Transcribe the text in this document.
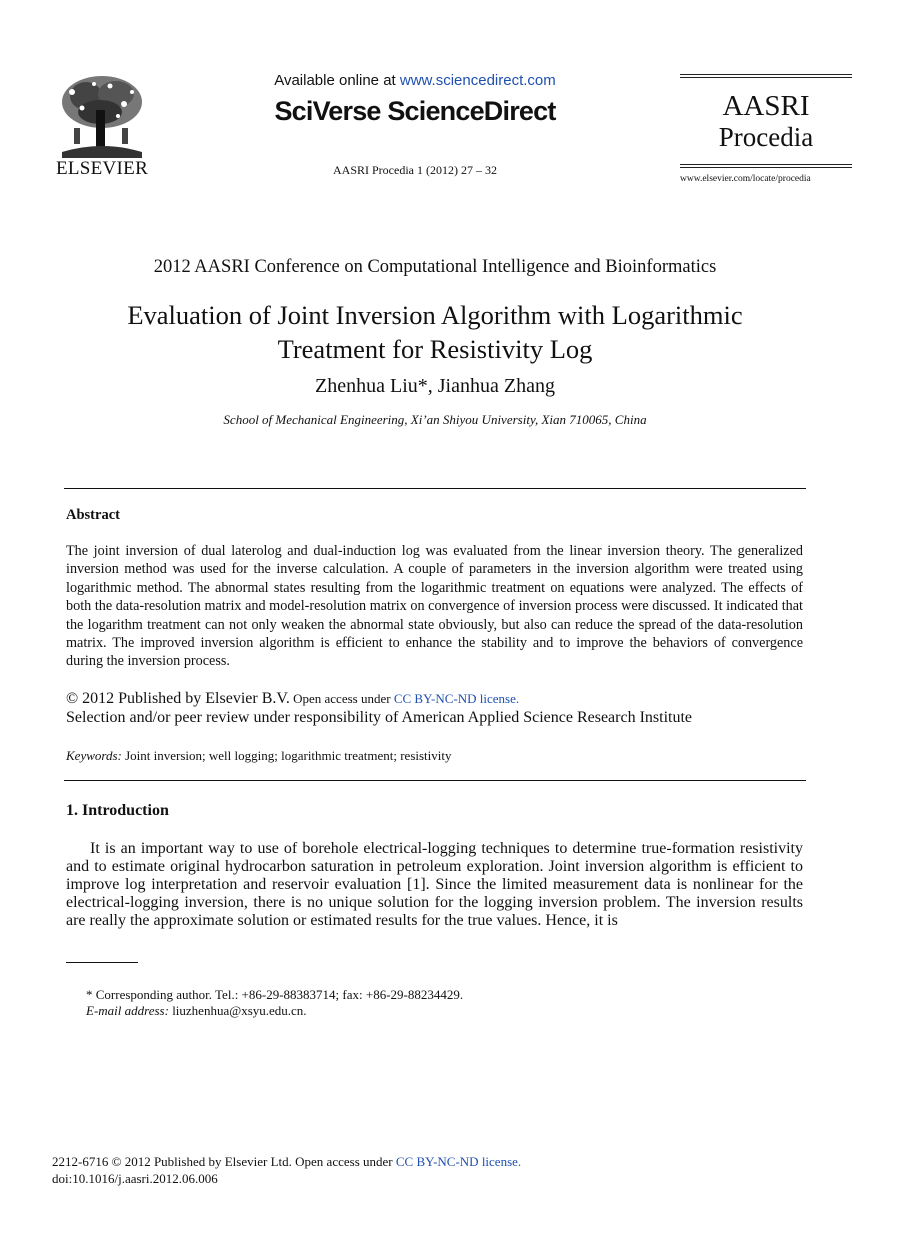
ELSEVIER
Available online at www.sciencedirect.com
SciVerse ScienceDirect
AASRI Procedia 1 (2012) 27 – 32
AASRI
Procedia
www.elsevier.com/locate/procedia
2012 AASRI Conference on Computational Intelligence and Bioinformatics
Evaluation of Joint Inversion Algorithm with Logarithmic
Treatment for Resistivity Log
Zhenhua Liu*, Jianhua Zhang
School of Mechanical Engineering, Xi’an Shiyou University, Xian 710065, China
Abstract
The joint inversion of dual laterolog and dual-induction log was evaluated from the linear inversion theory. The generalized inversion method was used for the inverse calculation. A couple of parameters in the inversion algorithm were treated using logarithmic method. The abnormal states resulting from the logarithmic treatment on equations were analyzed. The effects of both the data-resolution matrix and model-resolution matrix on convergence of inversion process were discussed. It indicated that the logarithm treatment can not only weaken the abnormal state obviously, but also can reduce the spread of the data-resolution matrix. The improved inversion algorithm is efficient to enhance the stability and to improve the behaviors of convergence during the inversion process.
© 2012 Published by Elsevier B.V. Open access under CC BY-NC-ND license.
Selection and/or peer review under responsibility of American Applied Science Research Institute
Keywords: Joint inversion; well logging; logarithmic treatment; resistivity
1. Introduction
It is an important way to use of borehole electrical-logging techniques to determine true-formation resistivity and to estimate original hydrocarbon saturation in petroleum exploration. Joint inversion algorithm is efficient to improve log interpretation and reservoir evaluation [1]. Since the limited measurement data is nonlinear for the electrical-logging inversion, there is no unique solution for the logging inversion problem. The inversion results are really the approximate solution or estimated results for the true values. Hence, it is
* Corresponding author. Tel.: +86-29-88383714; fax: +86-29-88234429.
E-mail address: liuzhenhua@xsyu.edu.cn.
2212-6716 © 2012 Published by Elsevier Ltd. Open access under CC BY-NC-ND license.
doi:10.1016/j.aasri.2012.06.006
